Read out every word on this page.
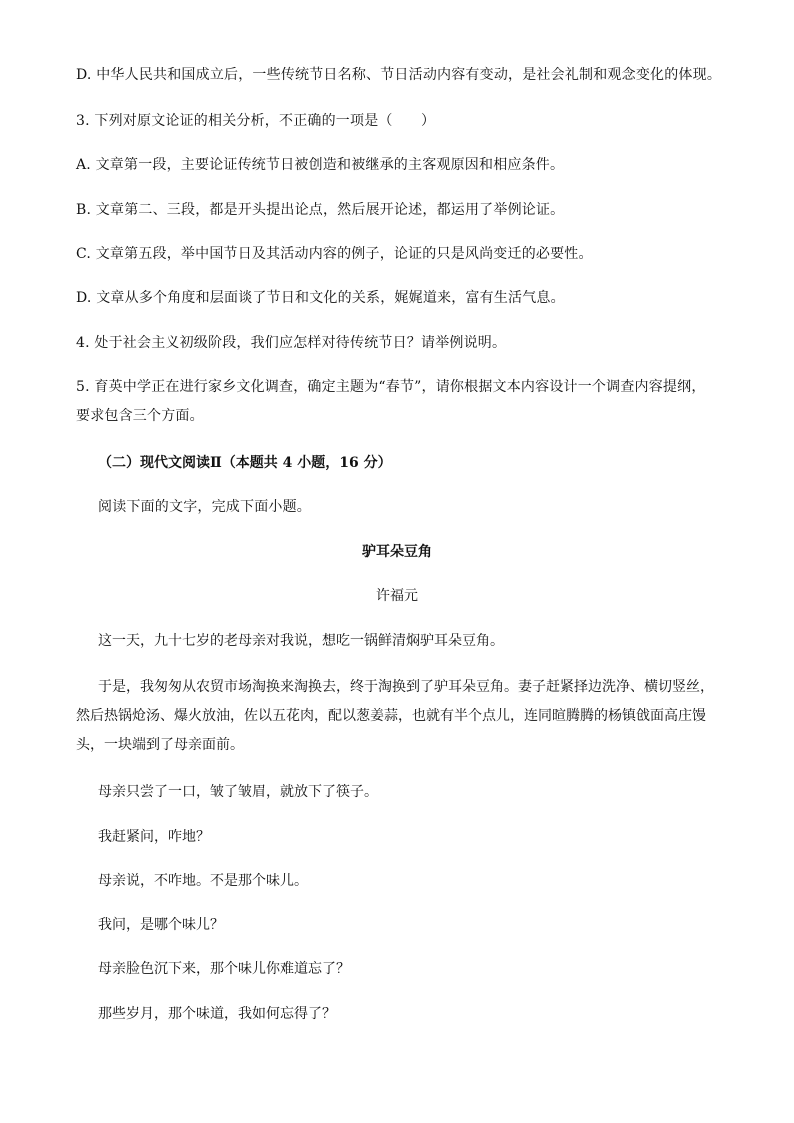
D. 中华人民共和国成立后，一些传统节日名称、节日活动内容有变动，是社会礼制和观念变化的体现。
3. 下列对原文论证的相关分析，不正确的一项是（　　）
A. 文章第一段，主要论证传统节日被创造和被继承的主客观原因和相应条件。
B. 文章第二、三段，都是开头提出论点，然后展开论述，都运用了举例论证。
C. 文章第五段，举中国节日及其活动内容的例子，论证的只是风尚变迁的必要性。
D. 文章从多个角度和层面谈了节日和文化的关系，娓娓道来，富有生活气息。
4. 处于社会主义初级阶段，我们应怎样对待传统节日？请举例说明。
5. 育英中学正在进行家乡文化调查，确定主题为“春节”，请你根据文本内容设计一个调查内容提纲，要求包含三个方面。
（二）现代文阅读Ⅱ（本题共 4 小题，16 分）
阅读下面的文字，完成下面小题。
驴耳朵豆角
许福元
这一天，九十七岁的老母亲对我说，想吃一锅鲜清焖驴耳朵豆角。
于是，我匆匆从农贸市场淘换来淘换去，终于淘换到了驴耳朵豆角。妻子赶紧择边洗净、横切竖丝，然后热锅炝汤、爆火放油，佐以五花肉，配以葱姜蒜，也就有半个点儿，连同暄腾腾的杨镇戗面高庄馒头，一块端到了母亲面前。
母亲只尝了一口，皱了皱眉，就放下了筷子。
我赶紧问，咋地？
母亲说，不咋地。不是那个味儿。
我问，是哪个味儿？
母亲脸色沉下来，那个味儿你难道忘了？
那些岁月，那个味道，我如何忘得了？
